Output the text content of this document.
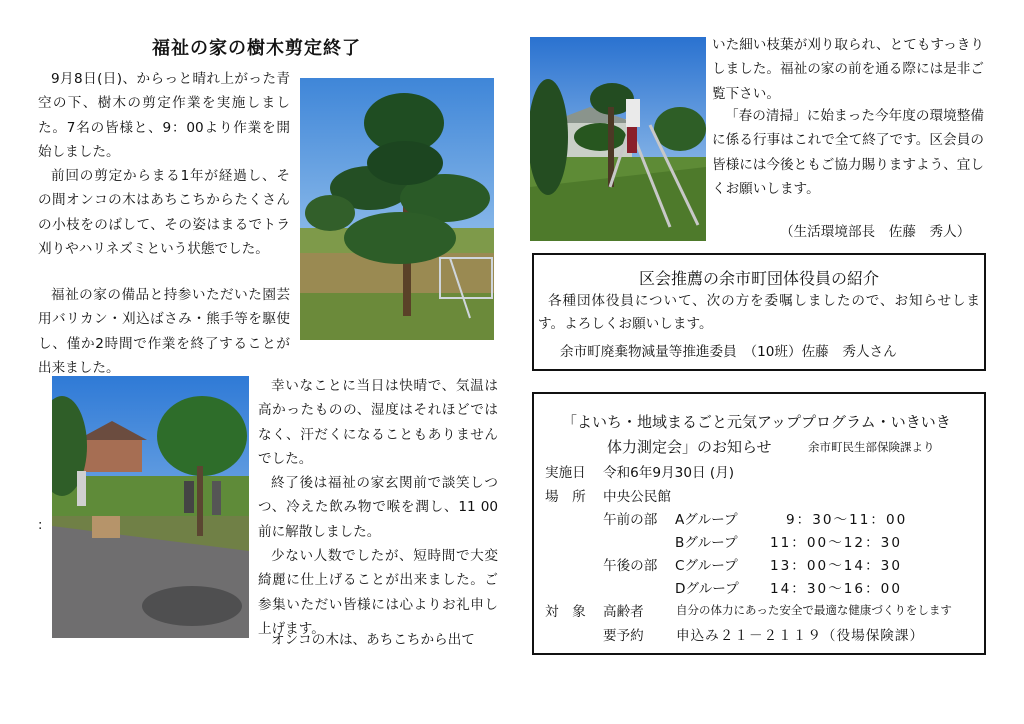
福祉の家の樹木剪定終了

9月8日(日)、からっと晴れ上がった青空の下、樹木の剪定作業を実施しました。7名の皆様と、9：00より作業を開始しました。

前回の剪定からまる1年が経過し、その間オンコの木はあちこちからたくさんの小枝をのばして、その姿はまるでトラ刈りやハリネズミという状態でした。

福祉の家の備品と持参いただいた園芸用バリカン・刈込ばさみ・熊手等を駆使し、僅か2時間で作業を終了することが出来ました。

:

幸いなことに当日は快晴で、気温は高かったものの、湿度はそれほどではなく、汗だくになることもありませんでした。

終了後は福祉の家玄関前で談笑しつつ、冷えた飲み物で喉を潤し、11 00前に解散しました。

少ない人数でしたが、短時間で大変綺麗に仕上げることが出来ました。ご参集いただい皆様には心よりお礼申し上げます。

オンコの木は、あちこちから出て

いた細い枝葉が刈り取られ、とてもすっきりしました。福祉の家の前を通る際には是非ご覧下さい。

「春の清掃」に始まった今年度の環境整備に係る行事はこれで全て終了です。区会員の皆様には今後ともご協力賜りますよう、宜しくお願いします。

（生活環境部長　佐藤　秀人）
区会推薦の余市町団体役員の紹介

各種団体役員について、次の方を委嘱しましたので、お知らせします。よろしくお願いします。

余市町廃棄物減量等推進委員　（10班）佐藤　秀人さん
「よいち・地域まるごと元気アッププログラム・いきいき
体力測定会」のお知らせ	余市町民生部保険課より
実施日 令和6年9月30日 (月)
場　所 中央公民館
午前の部 Aグループ	9：30～11：00
Bグループ 11：00～12：30
午後の部 Cグループ 13：00～14：30
Dグループ 14：30～16：00
対　象 高齢者	自分の体力にあった安全で最適な健康づくりをします
要予約 申込み２１－２１１９（役場保険課）
